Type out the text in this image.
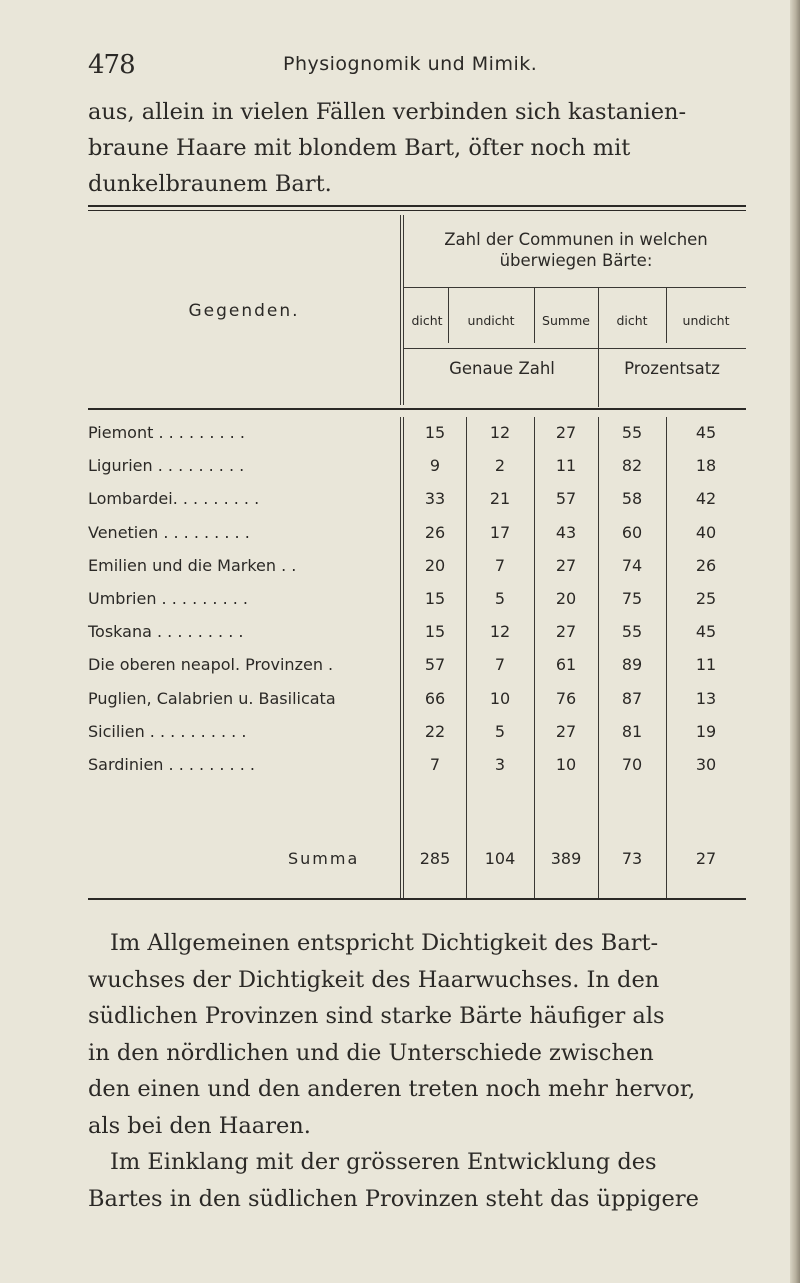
478	Physiognomik und Mimik.

aus, allein in vielen Fällen verbinden sich kastanien-

braune Haare mit blondem Bart, öfter noch mit

dunkelbraunem Bart.

Gegenden.
Zahl der Communen in welchen
überwiegen Bärte:
dicht	undicht	Summe	dicht	undicht
Genaue Zahl	Prozentsatz
Piemont . . . . . . . . .	15	12	27	55	45
Ligurien . . . . . . . . .	9	2	11	82	18
Lombardei. . . . . . . . .	33	21	57	58	42
Venetien . . . . . . . . .	26	17	43	60	40
Emilien und die Marken . .	20	7	27	74	26
Umbrien . . . . . . . . .	15	5	20	75	25
Toskana . . . . . . . . .	15	12	27	55	45
Die oberen neapol. Provinzen .	57	7	61	89	11
Puglien, Calabrien u. Basilicata	66	10	76	87	13
Sicilien . . . . . . . . . .	22	5	27	81	19
Sardinien . . . . . . . . .	7	3	10	70	30
Summa	285	104	389	73	27

Im Allgemeinen entspricht Dichtigkeit des Bart-

wuchses der Dichtigkeit des Haarwuchses. In den

südlichen Provinzen sind starke Bärte häufiger als

in den nördlichen und die Unterschiede zwischen

den einen und den anderen treten noch mehr hervor,

als bei den Haaren.

Im Einklang mit der grösseren Entwicklung des

Bartes in den südlichen Provinzen steht das üppigere
